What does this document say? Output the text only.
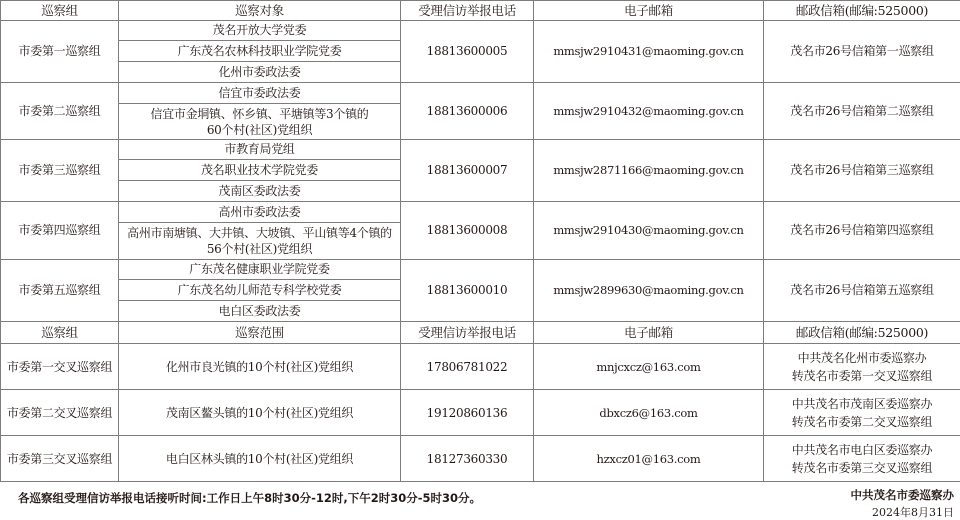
巡察组	巡察对象	受理信访举报电话	电子邮箱	邮政信箱(邮编:525000)
市委第一巡察组	茂名开放大学党委	18813600005	mmsjw2910431@maoming.gov.cn	茂名市26号信箱第一巡察组
	广东茂名农林科技职业学院党委			
	化州市委政法委			
市委第二巡察组	信宜市委政法委	18813600006	mmsjw2910432@maoming.gov.cn	茂名市26号信箱第二巡察组

	信宜市金垌镇、怀乡镇、平塘镇等3个镇的
60个村(社区)党组织			

市委第三巡察组	市教育局党组	18813600007	mmsjw2871166@maoming.gov.cn	茂名市26号信箱第三巡察组
	茂名职业技术学院党委			
	茂南区委政法委			
市委第四巡察组	高州市委政法委	18813600008	mmsjw2910430@maoming.gov.cn	茂名市26号信箱第四巡察组

	高州市南塘镇、大井镇、大坡镇、平山镇等4个镇的
56个村(社区)党组织			

市委第五巡察组	广东茂名健康职业学院党委	18813600010	mmsjw2899630@maoming.gov.cn	茂名市26号信箱第五巡察组
	广东茂名幼儿师范专科学校党委			
	电白区委政法委			
巡察组	巡察范围	受理信访举报电话	电子邮箱	邮政信箱(邮编:525000)
市委第一交叉巡察组	化州市良光镇的10个村(社区)党组织	17806781022	mnjcxcz@163.com	中共茂名化州市委巡察办
转茂名市委第一交叉巡察组

市委第二交叉巡察组	茂南区鳌头镇的10个村(社区)党组织	19120860136	dbxcz6@163.com	中共茂名市茂南区委巡察办
转茂名市委第二交叉巡察组

市委第三交叉巡察组	电白区林头镇的10个村(社区)党组织	18127360330	hzxcz01@163.com	中共茂名市电白区委巡察办
转茂名市委第三交叉巡察组
各巡察组受理信访举报电话接听时间:工作日上午8时30分-12时,下午2时30分-5时30分。	中共茂名市委巡察办
2024年8月31日
